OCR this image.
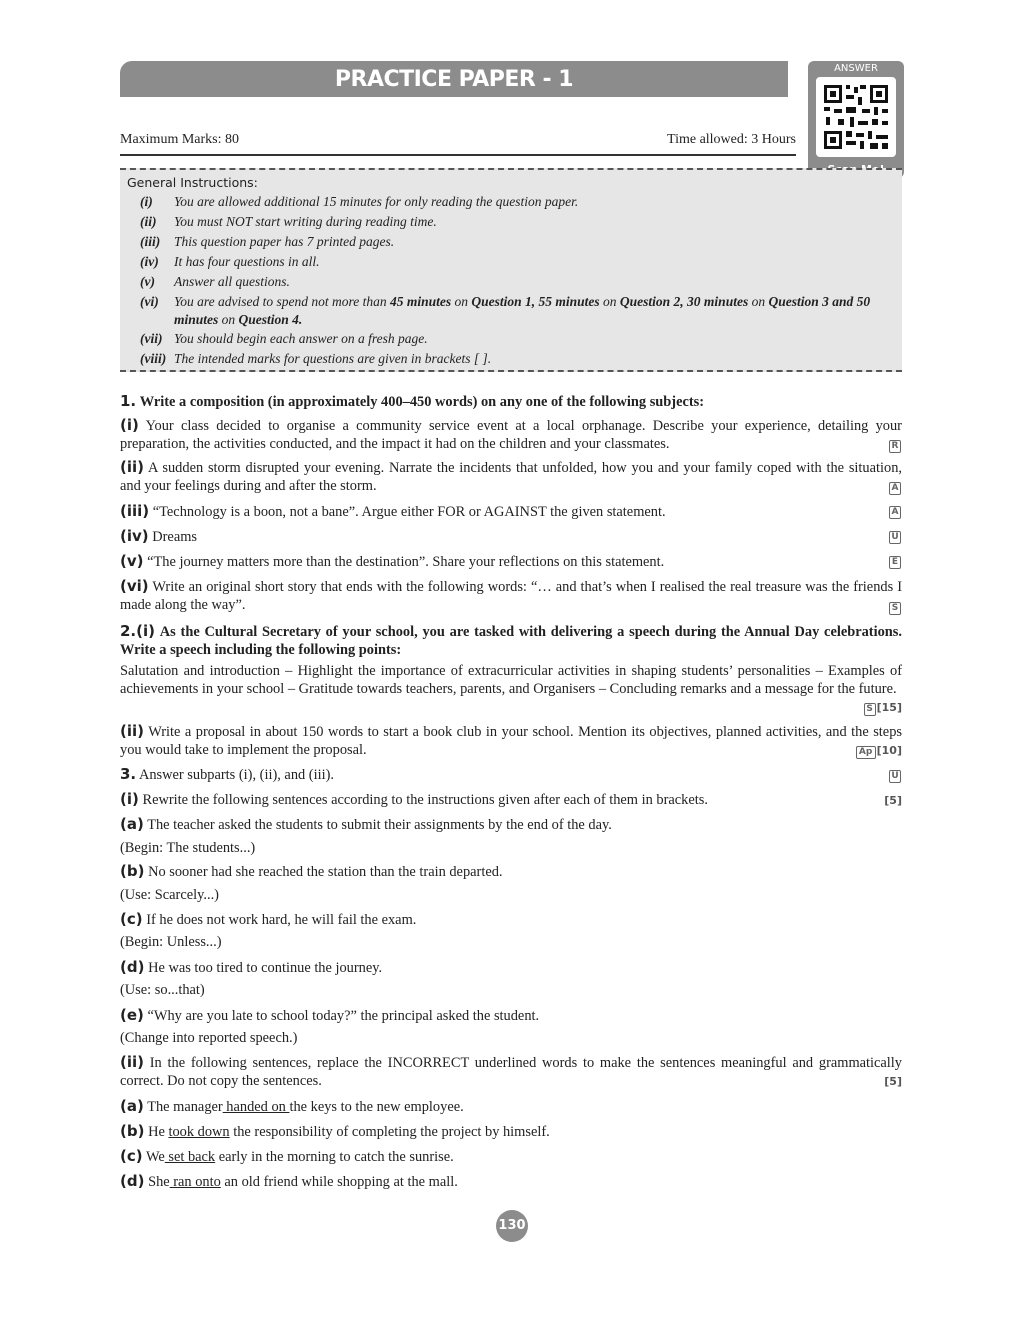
PRACTICE PAPER - 1	ANSWER
Maximum Marks: 80	Time allowed: 3 Hours
General Instructions:
(i) You are allowed additional 15 minutes for only reading the question paper.
(ii) You must NOT start writing during reading time.
(iii) This question paper has 7 printed pages.
(iv) It has four questions in all.
(v) Answer all questions.
(vi) You are advised to spend not more than 45 minutes on Question 1, 55 minutes on Question 2, 30 minutes on Question 3 and 50 minutes on Question 4.
(vii) You should begin each answer on a fresh page.
(viii) The intended marks for questions are given in brackets [ ].
1. Write a composition (in approximately 400–450 words) on any one of the following subjects:
(i) Your class decided to organise a community service event at a local orphanage. Describe your experience, detailing your preparation, the activities conducted, and the impact it had on the children and your classmates.	R
(ii) A sudden storm disrupted your evening. Narrate the incidents that unfolded, how you and your family coped with the situation, and your feelings during and after the storm.	A
(iii) “Technology is a boon, not a bane”. Argue either FOR or AGAINST the given statement.	A
(iv) Dreams	U
(v) “The journey matters more than the destination”. Share your reflections on this statement.	E
(vi) Write an original short story that ends with the following words: “… and that’s when I realised the real treasure was the friends I made along the way”.	S
2.(i) As the Cultural Secretary of your school, you are tasked with delivering a speech during the Annual Day celebrations. Write a speech including the following points:
Salutation and introduction – Highlight the importance of extracurricular activities in shaping students’ personalities – Examples of achievements in your school – Gratitude towards teachers, parents, and Organisers – Concluding remarks and a message for the future.
S [15]
(ii) Write a proposal in about 150 words to start a book club in your school. Mention its objectives, planned activities, and the steps you would take to implement the proposal.	Ap [10]
3. Answer subparts (i), (ii), and (iii).	U
(i) Rewrite the following sentences according to the instructions given after each of them in brackets.	[5]
(a) The teacher asked the students to submit their assignments by the end of the day.
(Begin: The students...)
(b) No sooner had she reached the station than the train departed.
(Use: Scarcely...)
(c) If he does not work hard, he will fail the exam.
(Begin: Unless...)
(d) He was too tired to continue the journey.
(Use: so...that)
(e) “Why are you late to school today?” the principal asked the student.
(Change into reported speech.)
(ii) In the following sentences, replace the INCORRECT underlined words to make the sentences meaningful and grammatically correct. Do not copy the sentences.	[5]
(a) The manager handed on the keys to the new employee.
(b) He took down the responsibility of completing the project by himself.
(c) We set back early in the morning to catch the sunrise.
(d) She ran onto an old friend while shopping at the mall.
130
